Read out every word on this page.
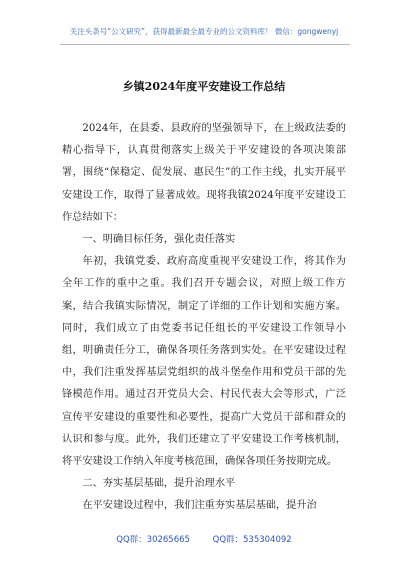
关注头条号“公文研究”，获得最新最全最专业的公文资料库！ 微信：gongwenyj
乡镇2024年度平安建设工作总结

2024年，在县委、县政府的坚强领导下，在上级政法委的精心指导下，认真贯彻落实上级关于平安建设的各项决策部署，围绕“保稳定、促发展、惠民生”的工作主线，扎实开展平安建设工作，取得了显著成效。现将我镇2024年度平安建设工作总结如下：

一、明确目标任务，强化责任落实

年初，我镇党委、政府高度重视平安建设工作，将其作为全年工作的重中之重。我们召开专题会议，对照上级工作方案，结合我镇实际情况，制定了详细的工作计划和实施方案。同时，我们成立了由党委书记任组长的平安建设工作领导小组，明确责任分工，确保各项任务落到实处。在平安建设过程中，我们注重发挥基层党组织的战斗堡垒作用和党员干部的先锋模范作用。通过召开党员大会、村民代表大会等形式，广泛宣传平安建设的重要性和必要性，提高广大党员干部和群众的认识和参与度。此外，我们还建立了平安建设工作考核机制，将平安建设工作纳入年度考核范围，确保各项任务按期完成。

二、夯实基层基础，提升治理水平

在平安建设过程中，我们注重夯实基层基础，提升治

QQ群：30265665	QQ群：535304092
